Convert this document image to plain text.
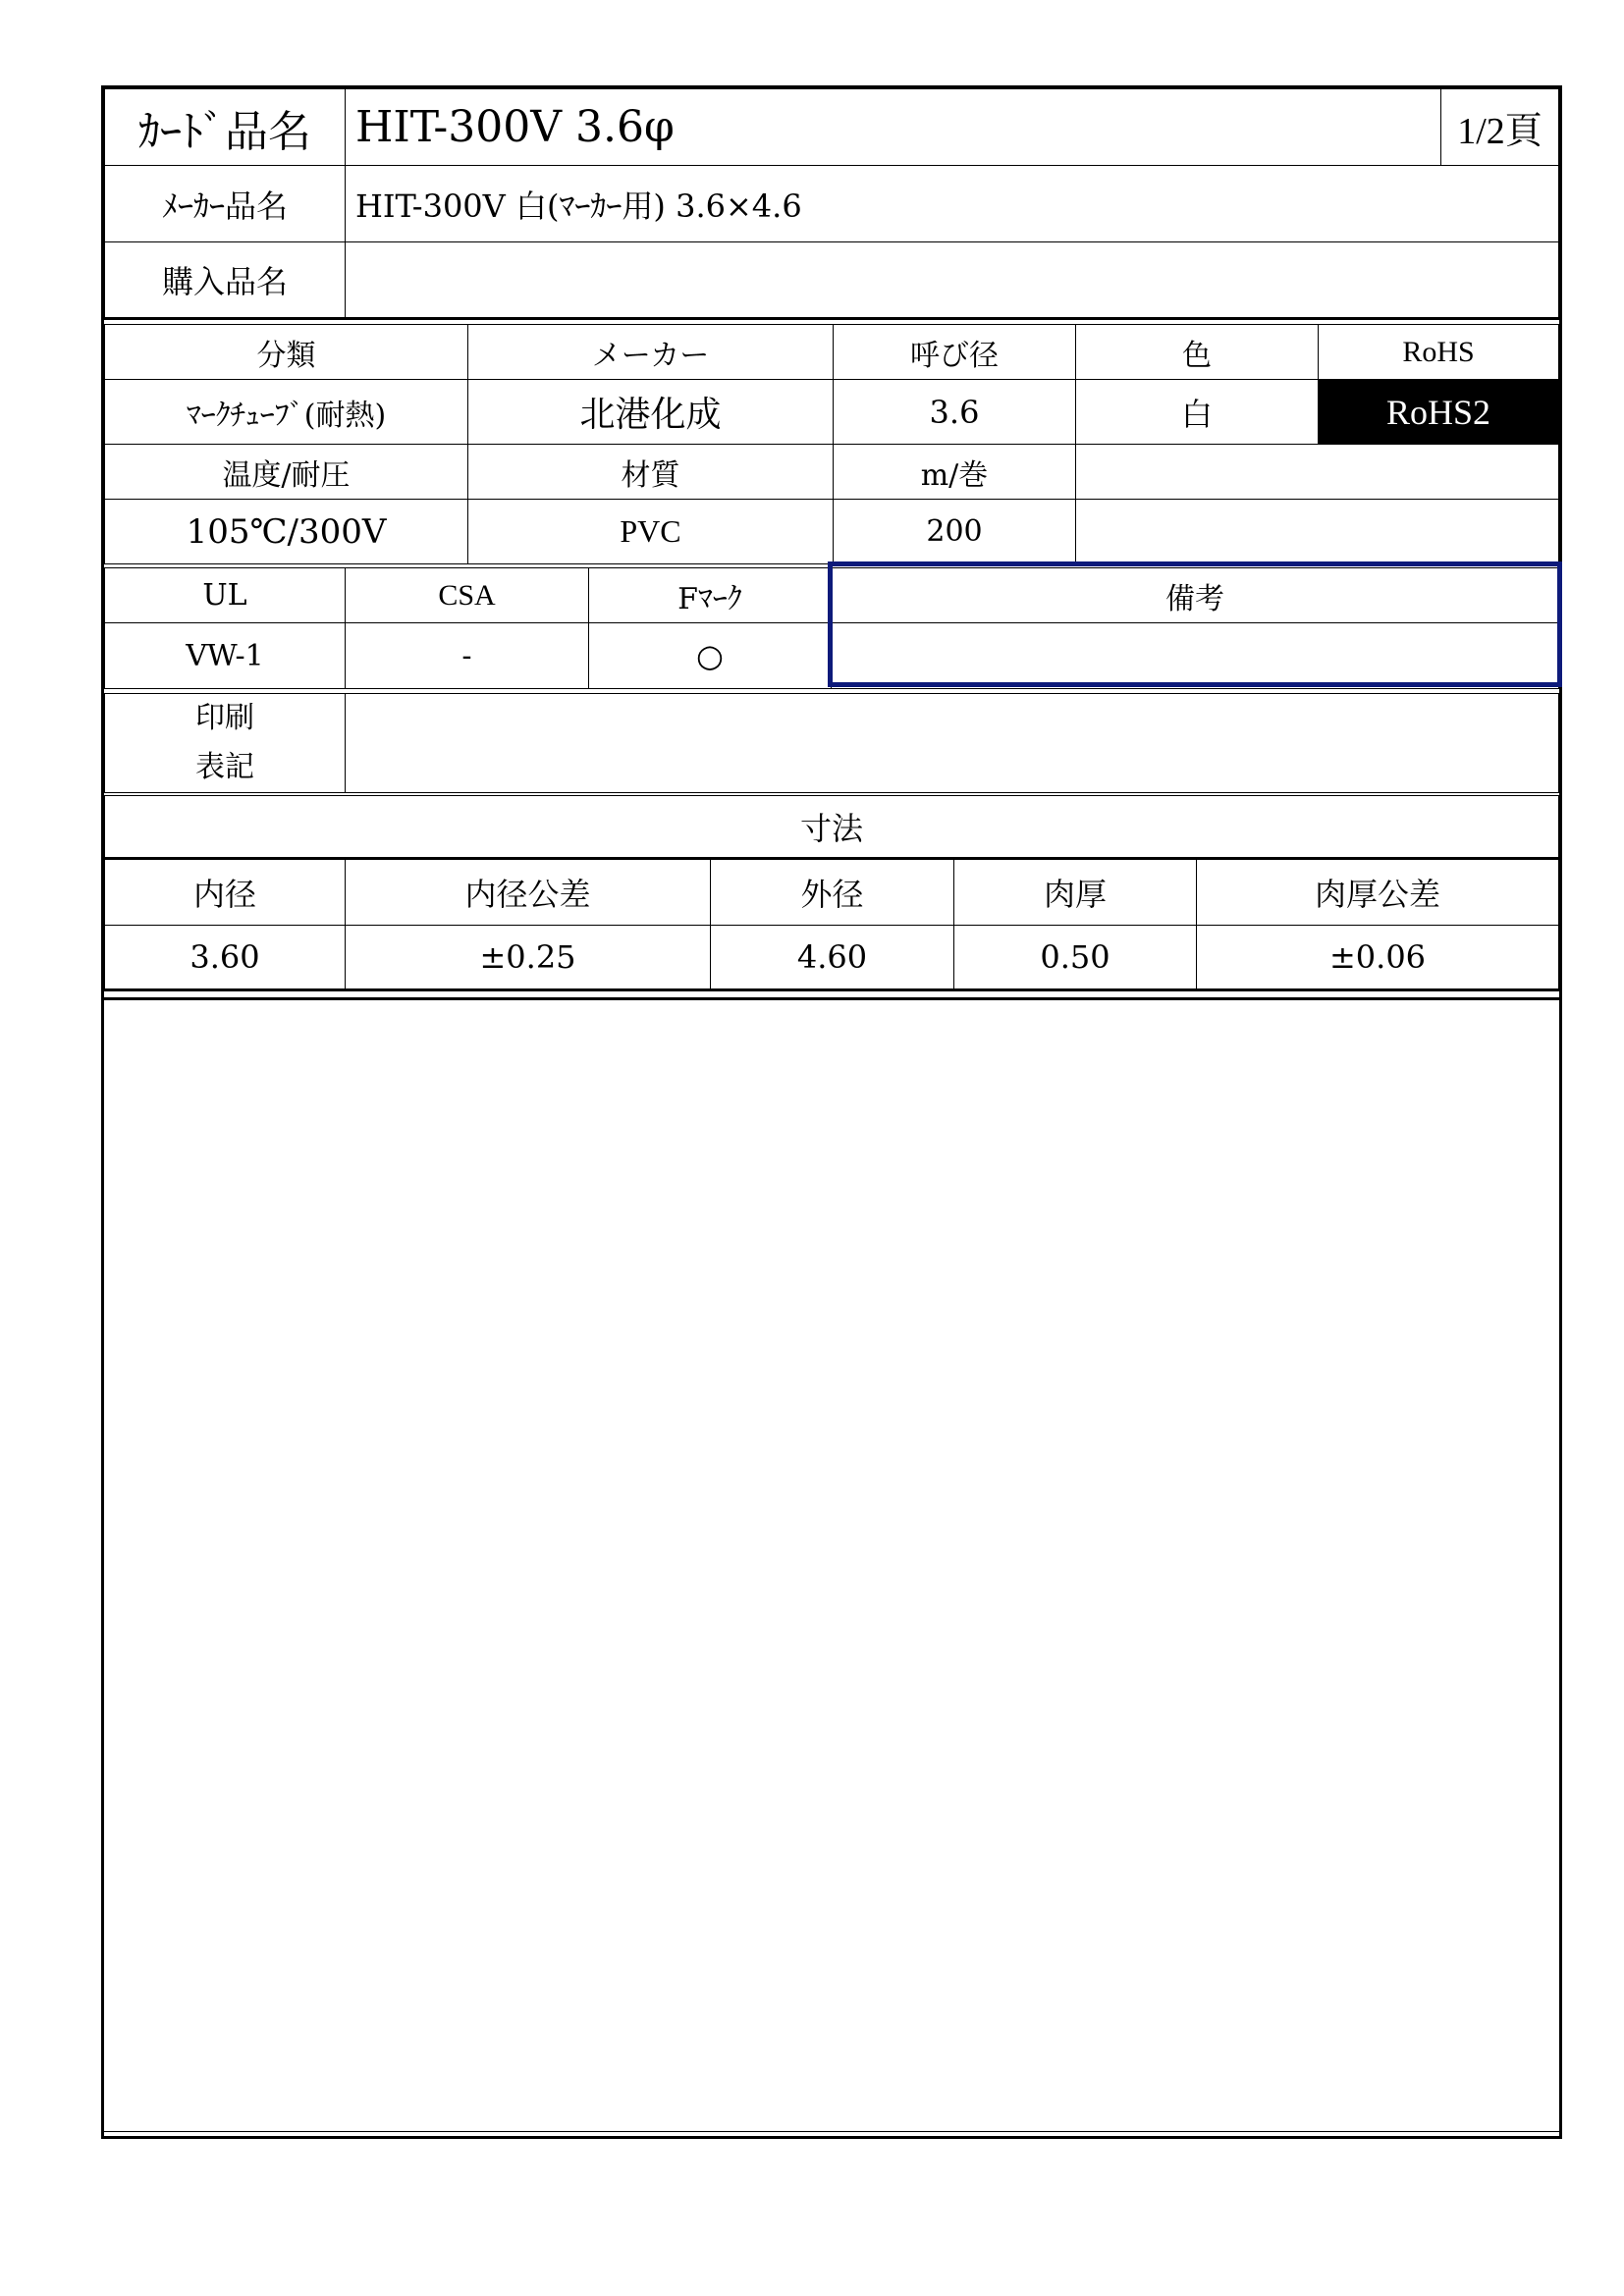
ｶｰﾄﾞ品名	HIT-300V 3.6φ	1/2頁
ﾒｰｶｰ品名	HIT-300V 白(ﾏｰｶｰ用) 3.6×4.6	
購入品名		
分類	メーカー	呼び径	色	RoHS
ﾏｰｸﾁｭｰﾌﾞ(耐熱)	北港化成	3.6	白	RoHS2
温度/耐圧	材質	m/巻		
105℃/300V	PVC	200		
UL	CSA	Fﾏｰｸ	備考
VW-1	-	○	
印刷
表記

寸法				
内径	内径公差	外径	肉厚	肉厚公差
3.60	±0.25	4.60	0.50	±0.06
